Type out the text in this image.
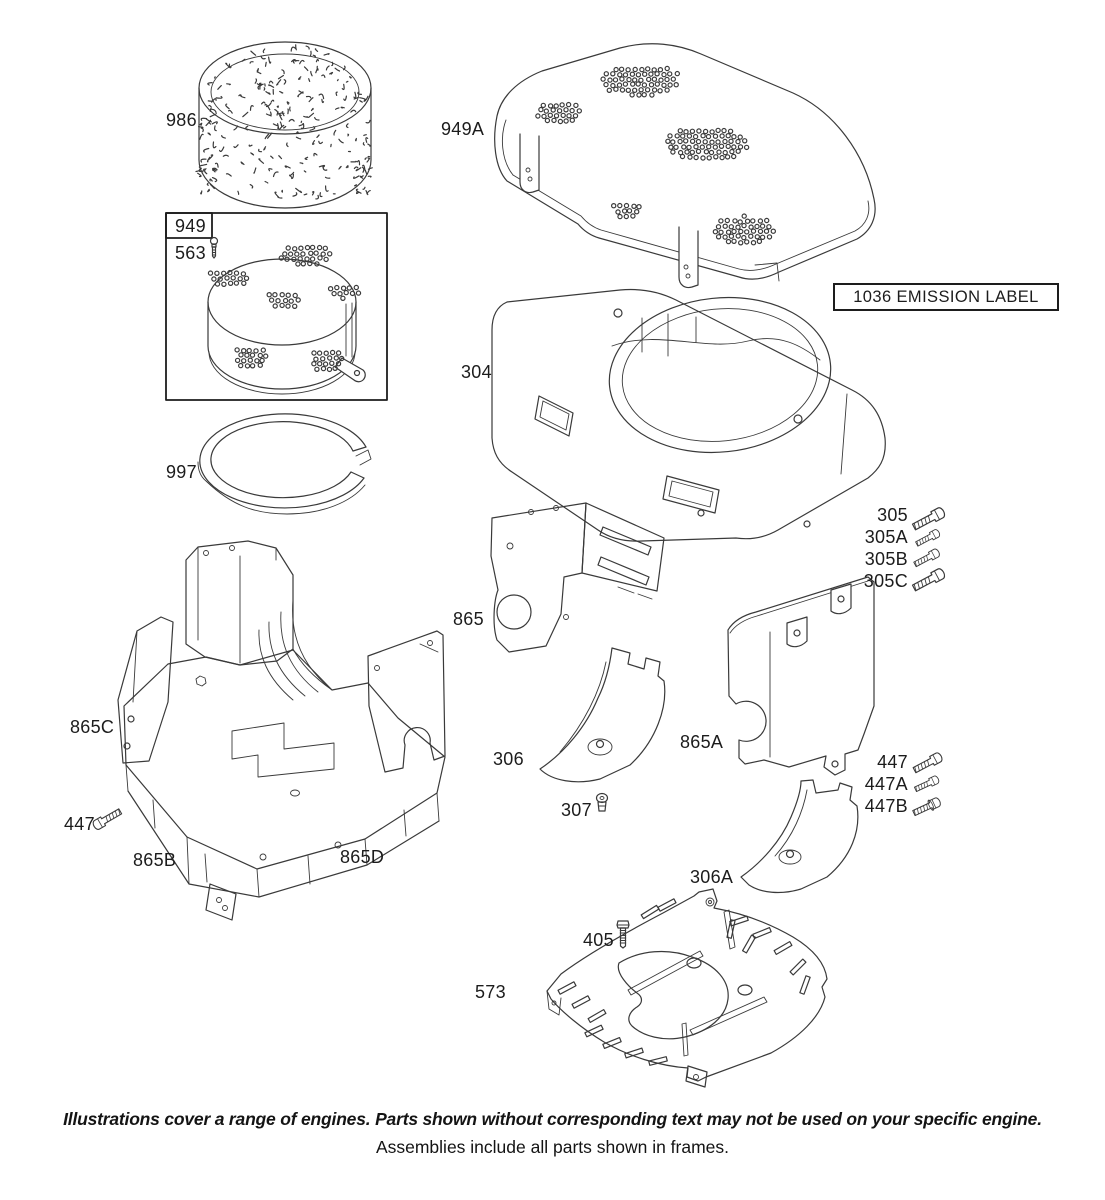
986
949
563
997
949A
304
305
305A
305B
305C
865
865A
865C
447
865B	865D
306
307
447
447A
447B
306A
405
573
1036 EMISSION LABEL
Illustrations cover a range of engines. Parts shown without corresponding text may not be used on your specific engine.
Assemblies include all parts shown in frames.
